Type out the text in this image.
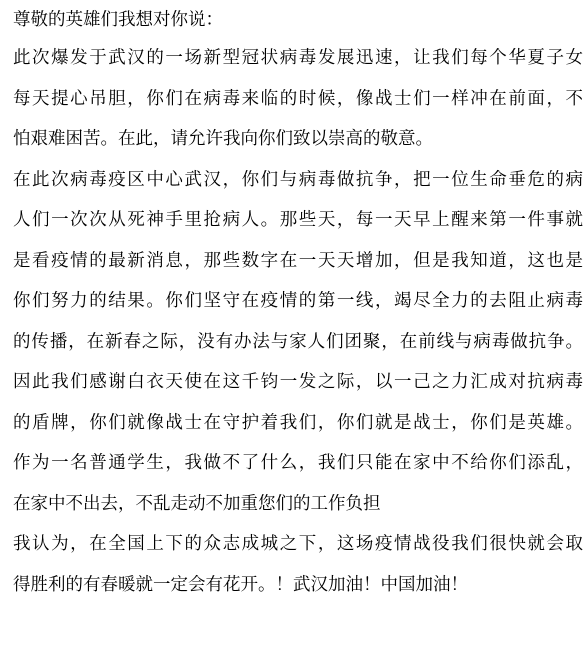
尊敬的英雄们我想对你说：
此次爆发于武汉的一场新型冠状病毒发展迅速，让我们每个华夏子女
每天提心吊胆，你们在病毒来临的时候，像战士们一样冲在前面，不
怕艰难困苦。在此，请允许我向你们致以崇高的敬意。
在此次病毒疫区中心武汉，你们与病毒做抗争，把一位生命垂危的病
人们一次次从死神手里抢病人。那些天，每一天早上醒来第一件事就
是看疫情的最新消息，那些数字在一天天增加，但是我知道，这也是
你们努力的结果。你们坚守在疫情的第一线，竭尽全力的去阻止病毒
的传播，在新春之际，没有办法与家人们团聚，在前线与病毒做抗争。
因此我们感谢白衣天使在这千钧一发之际，以一己之力汇成对抗病毒
的盾牌，你们就像战士在守护着我们，你们就是战士，你们是英雄。
作为一名普通学生，我做不了什么，我们只能在家中不给你们添乱，
在家中不出去，不乱走动不加重您们的工作负担
我认为，在全国上下的众志成城之下，这场疫情战役我们很快就会取
得胜利的有春暖就一定会有花开。！武汉加油！中国加油！
